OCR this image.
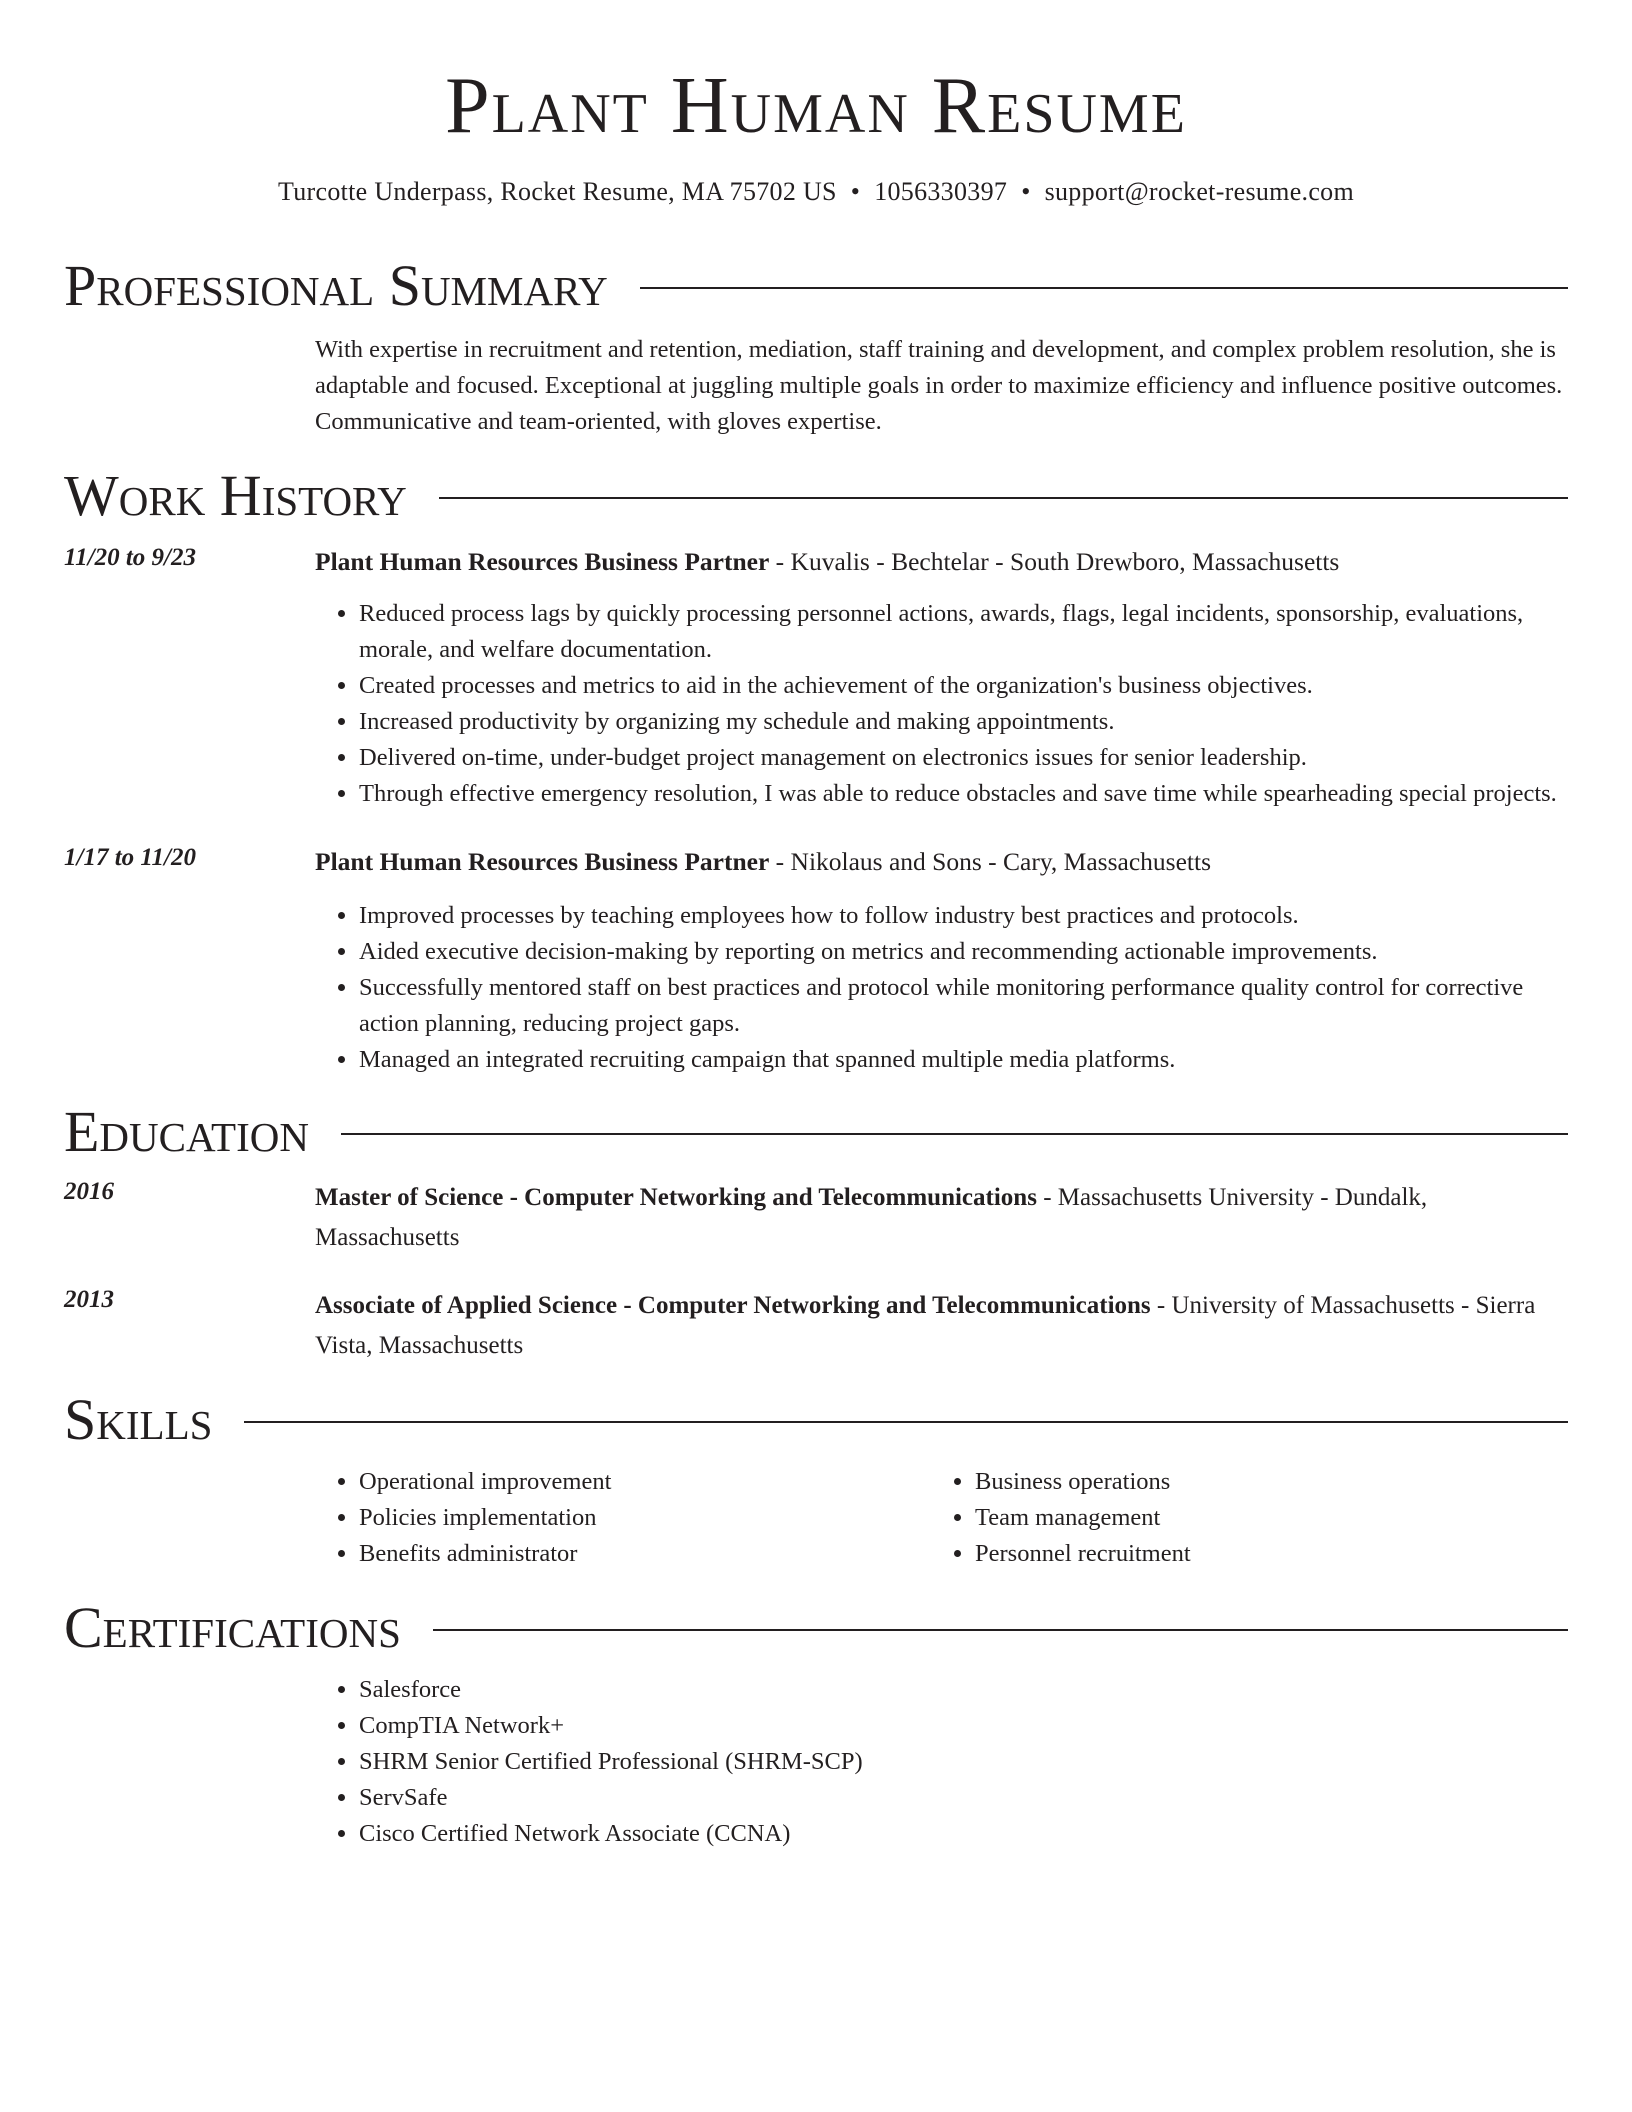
Plant Human Resume
Turcotte Underpass, Rocket Resume, MA 75702 US • 1056330397 • support@rocket-resume.com
Professional Summary
With expertise in recruitment and retention, mediation, staff training and development, and complex problem resolution, she is adaptable and focused. Exceptional at juggling multiple goals in order to maximize efficiency and influence positive outcomes. Communicative and team-oriented, with gloves expertise.
Work History
11/20 to 9/23	Plant Human Resources Business Partner - Kuvalis - Bechtelar - South Drewboro, Massachusetts
• Reduced process lags by quickly processing personnel actions, awards, flags, legal incidents, sponsorship, evaluations, morale, and welfare documentation.
• Created processes and metrics to aid in the achievement of the organization's business objectives.
• Increased productivity by organizing my schedule and making appointments.
• Delivered on-time, under-budget project management on electronics issues for senior leadership.
• Through effective emergency resolution, I was able to reduce obstacles and save time while spearheading special projects.
1/17 to 11/20	Plant Human Resources Business Partner - Nikolaus and Sons - Cary, Massachusetts
• Improved processes by teaching employees how to follow industry best practices and protocols.
• Aided executive decision-making by reporting on metrics and recommending actionable improvements.
• Successfully mentored staff on best practices and protocol while monitoring performance quality control for corrective action planning, reducing project gaps.
• Managed an integrated recruiting campaign that spanned multiple media platforms.
Education
2016	Master of Science - Computer Networking and Telecommunications - Massachusetts University - Dundalk, Massachusetts
2013	Associate of Applied Science - Computer Networking and Telecommunications - University of Massachusetts - Sierra Vista, Massachusetts
Skills
• Operational improvement
• Policies implementation
• Benefits administrator
• Business operations
• Team management
• Personnel recruitment
Certifications
• Salesforce
• CompTIA Network+
• SHRM Senior Certified Professional (SHRM-SCP)
• ServSafe
• Cisco Certified Network Associate (CCNA)
